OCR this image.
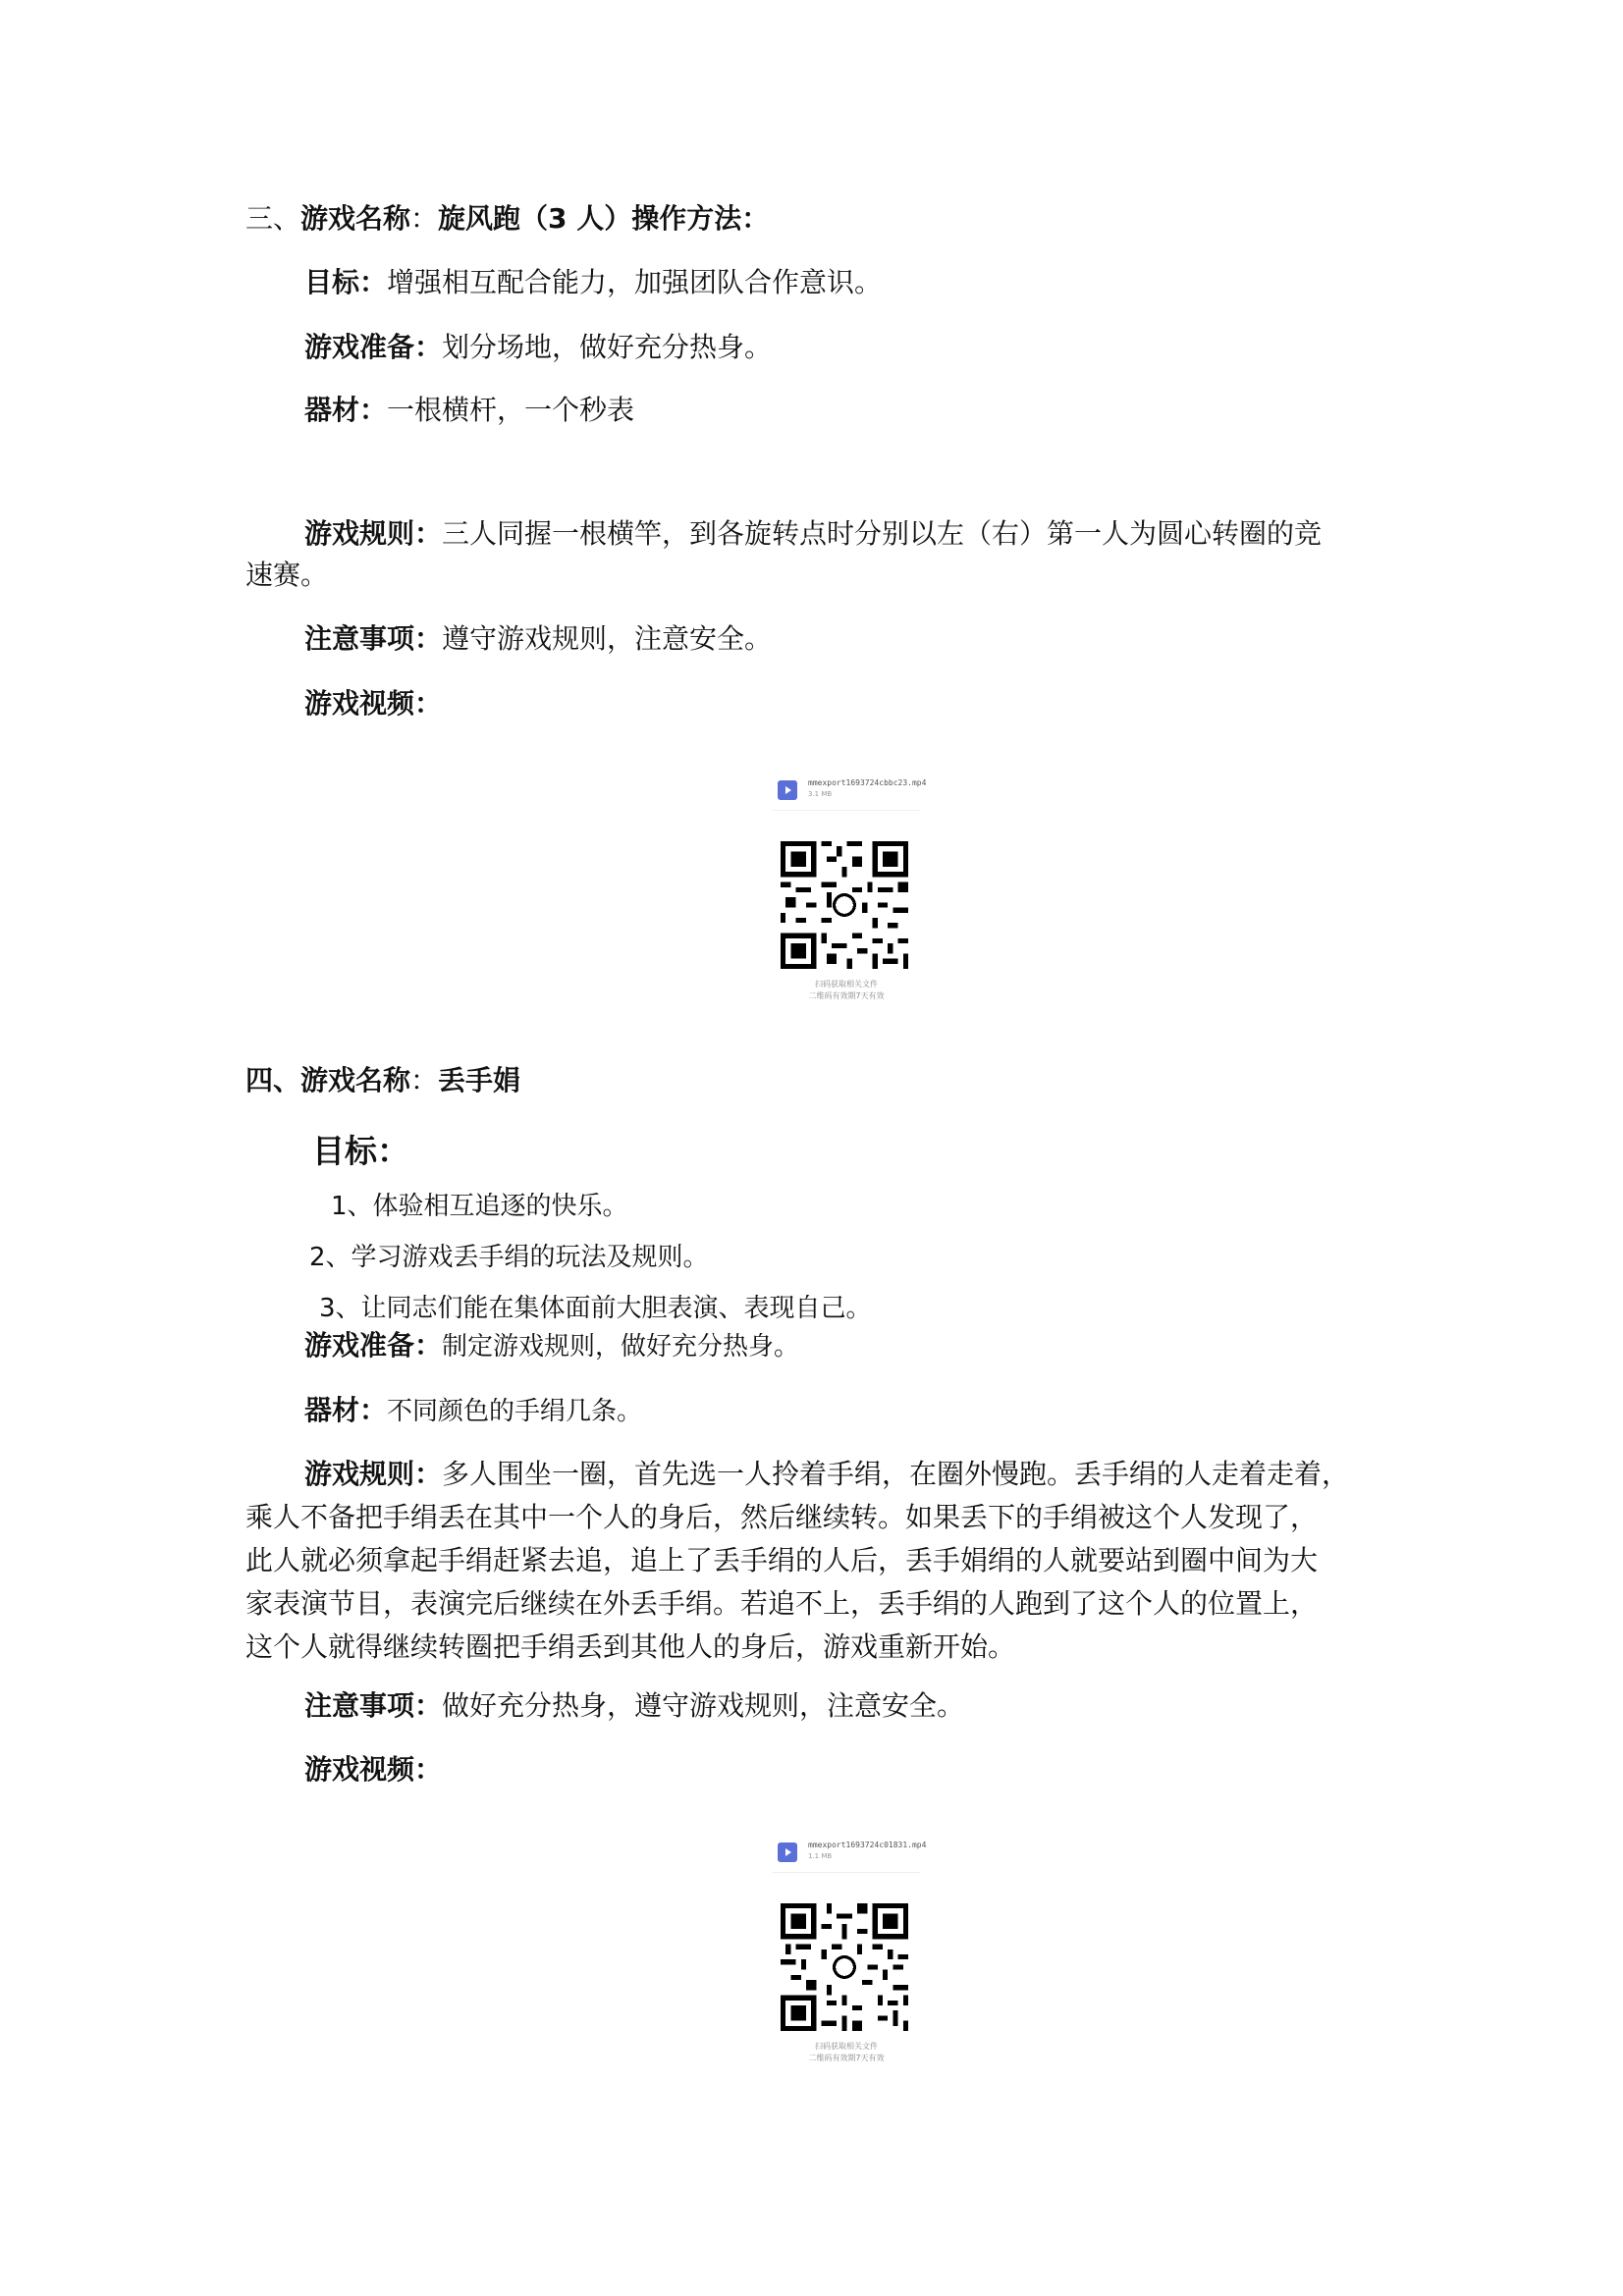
三、游戏名称：旋风跑（3 人）操作方法：
目标：增强相互配合能力，加强团队合作意识。
游戏准备：划分场地，做好充分热身。
器材：一根横杆，一个秒表
游戏规则：三人同握一根横竿，到各旋转点时分别以左（右）第一人为圆心转圈的竞
速赛。
注意事项：遵守游戏规则，注意安全。
游戏视频：
mmexport1693724cbbc23.mp4
3.1 MB
扫码获取相关文件
二维码有效期7天有效
四、游戏名称：丢手娟
目标：
1、体验相互追逐的快乐。
2、学习游戏丢手绢的玩法及规则。
3、让同志们能在集体面前大胆表演、表现自己。
游戏准备：制定游戏规则，做好充分热身。
器材：不同颜色的手绢几条。
游戏规则：多人围坐一圈，首先选一人拎着手绢，在圈外慢跑。丢手绢的人走着走着，
乘人不备把手绢丢在其中一个人的身后，然后继续转。如果丢下的手绢被这个人发现了，
此人就必须拿起手绢赶紧去追，追上了丢手绢的人后，丢手娟绢的人就要站到圈中间为大
家表演节目，表演完后继续在外丢手绢。若追不上，丢手绢的人跑到了这个人的位置上，
这个人就得继续转圈把手绢丢到其他人的身后，游戏重新开始。
注意事项：做好充分热身，遵守游戏规则，注意安全。
游戏视频：
mmexport1693724c01831.mp4
1.1 MB
扫码获取相关文件
二维码有效期7天有效
